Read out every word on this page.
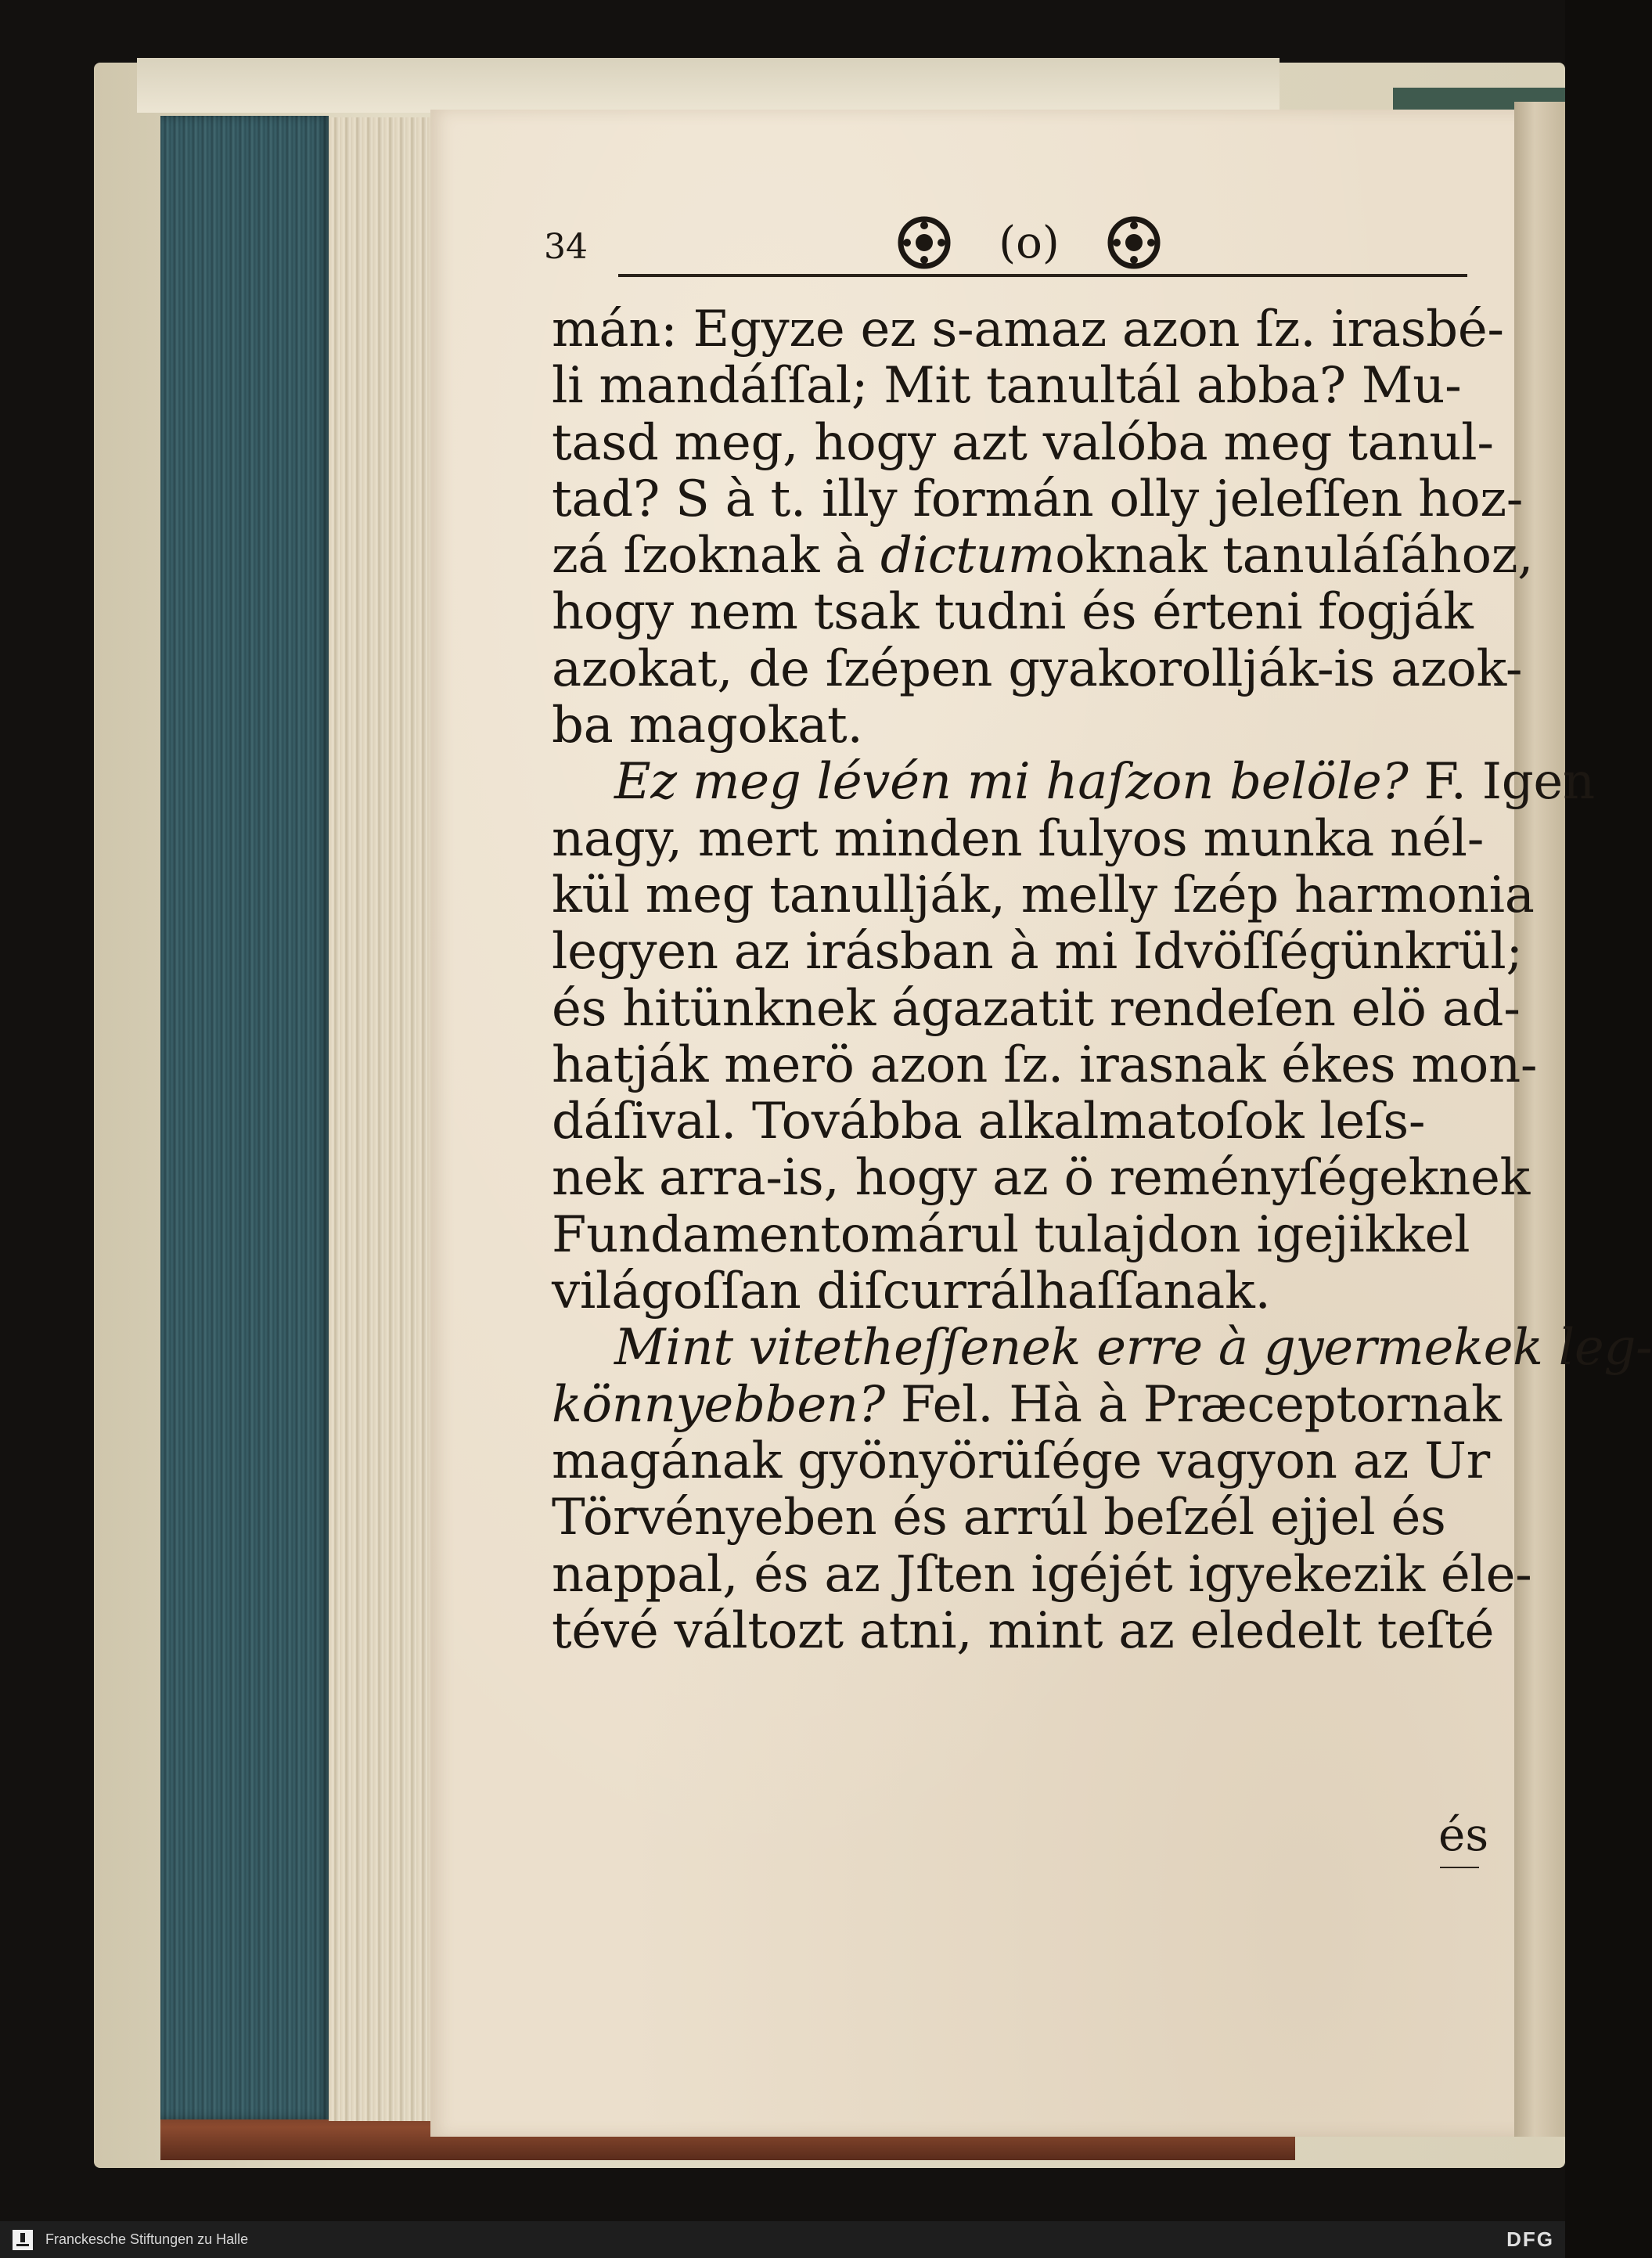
34	(o)
mán: Egyze ez s-amaz azon ſz. irasbé-
li mandáſſal; Mit tanultál abba? Mu-
tasd meg, hogy azt valóba meg tanul-
tad? S à t. illy formán olly jeleſſen hoz-
zá ſzoknak à dictumoknak tanuláſához,
hogy nem tsak tudni és érteni fogják
azokat, de ſzépen gyakorollják-is azok-
ba magokat.
Ez meg lévén mi haſzon belöle? F. Igen
nagy, mert minden ſulyos munka nél-
kül meg tanullják, melly ſzép harmonia
legyen az irásban à mi Idvöſſégünkrül;
és hitünknek ágazatit rendeſen elö ad-
hatják merö azon ſz. irasnak ékes mon-
dáſival. Továbba alkalmatoſok leſs-
nek arra-is, hogy az ö reményſégeknek
Fundamentomárul tulajdon igejikkel
világoſſan diſcurrálhaſſanak.
Mint vitetheſſenek erre à gyermekek leg-
könnyebben? Fel. Hà à Præceptornak
magának gyönyörüſége vagyon az Ur
Törvényeben és arrúl beſzél ejjel és
nappal, és az Jſten igéjét igyekezik éle-
tévé változt atni, mint az eledelt teſté
és
Franckesche Stiftungen zu Halle	DFG
